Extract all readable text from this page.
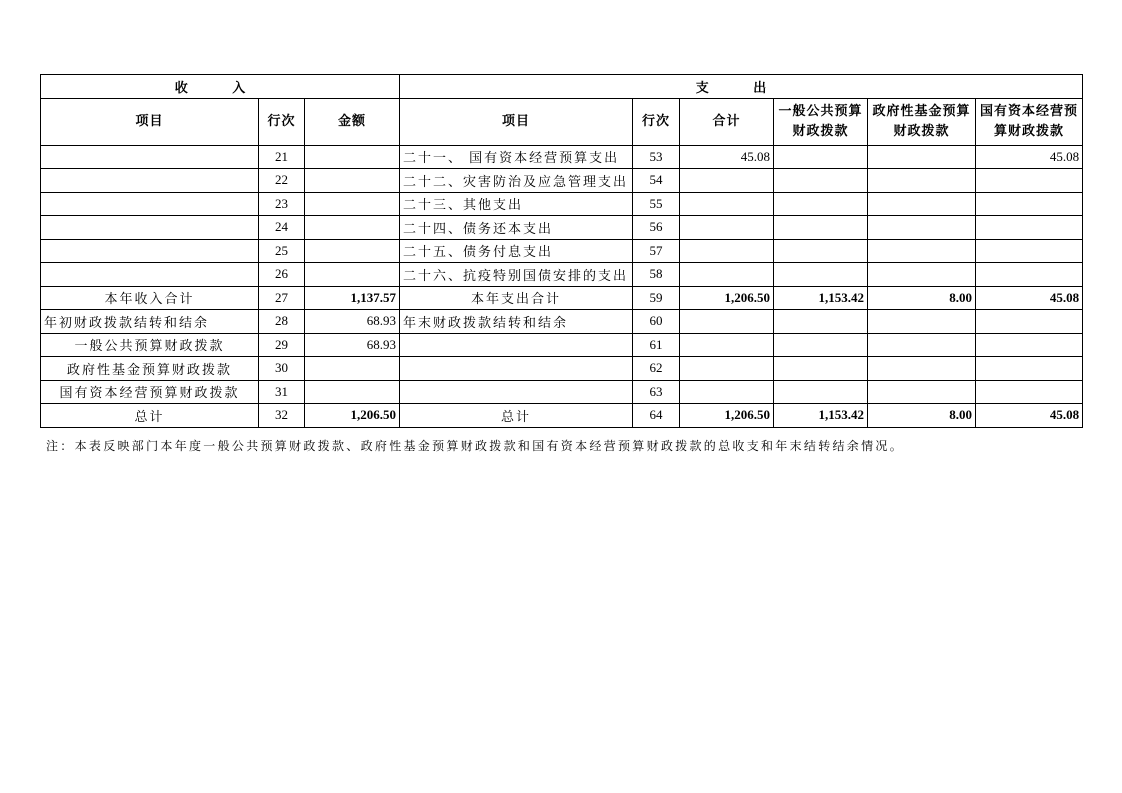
收 入			支 出					
项目	行次	金额	项目	行次	合计	一般公共预算财政拨款	政府性基金预算财政拨款	国有资本经营预算财政拨款
	21		二十一、 国有资本经营预算支出	53	45.08			45.08
	22		二十二、灾害防治及应急管理支出	54				
	23		二十三、其他支出	55				
	24		二十四、债务还本支出	56				
	25		二十五、债务付息支出	57				
	26		二十六、抗疫特别国债安排的支出	58				
本年收入合计	27	1,137.57	本年支出合计	59	1,206.50	1,153.42	8.00	45.08
年初财政拨款结转和结余	28	68.93	年末财政拨款结转和结余	60				
一般公共预算财政拨款	29	68.93		61				
政府性基金预算财政拨款	30			62				
国有资本经营预算财政拨款	31			63				
总计	32	1,206.50	总计	64	1,206.50	1,153.42	8.00	45.08
注：本表反映部门本年度一般公共预算财政拨款、政府性基金预算财政拨款和国有资本经营预算财政拨款的总收支和年末结转结余情况。
